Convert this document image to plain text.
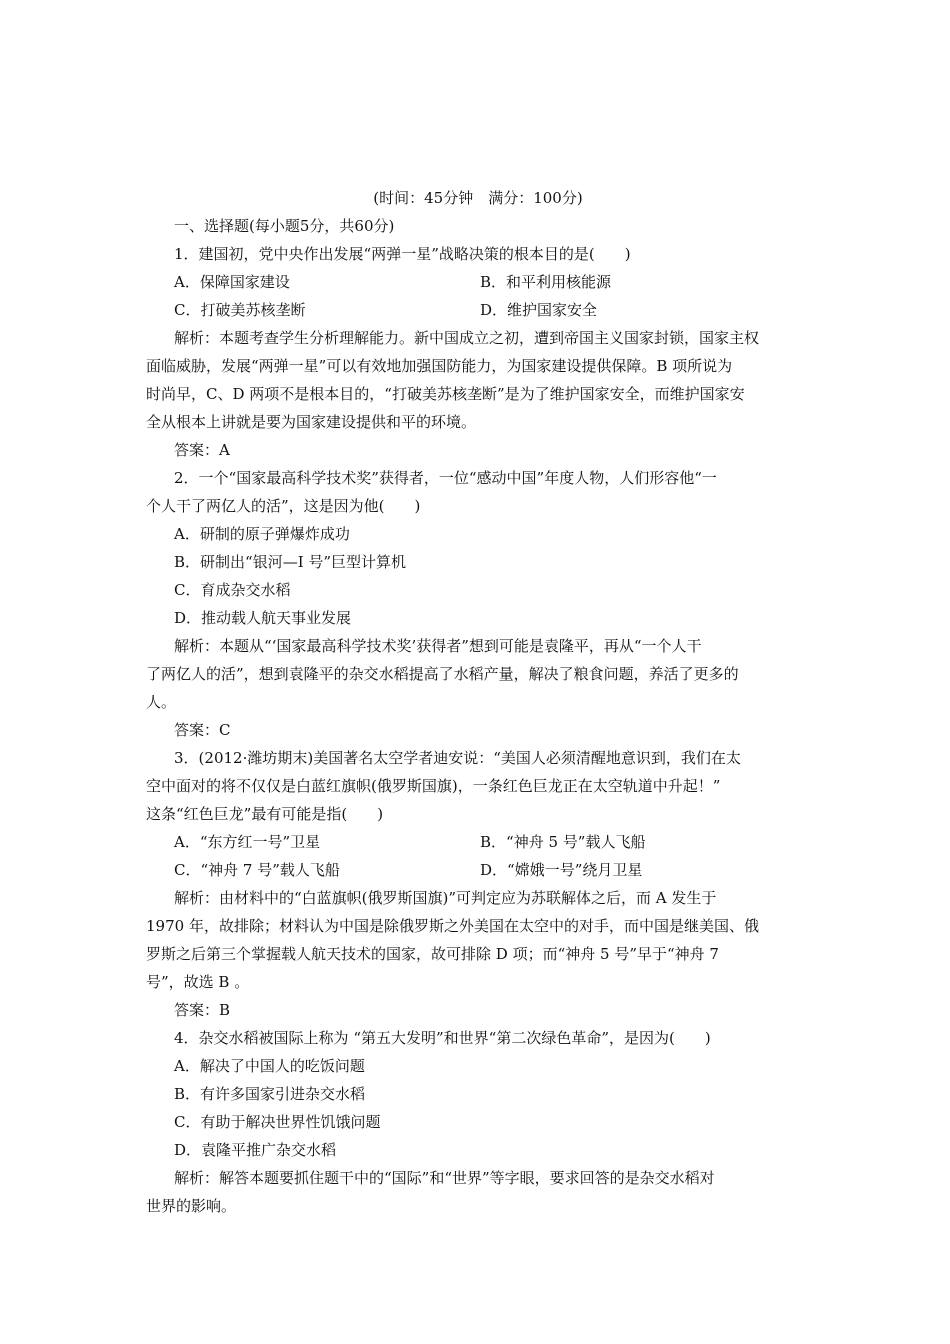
(时间：45分钟　满分：100分)
一、选择题(每小题5分，共60分)
1．建国初，党中央作出发展“两弹一星”战略决策的根本目的是(　　)
A．保障国家建设	B．和平利用核能源
C．打破美苏核垄断	D．维护国家安全
解析：本题考查学生分析理解能力。新中国成立之初，遭到帝国主义国家封锁，国家主权
面临威胁，发展“两弹一星”可以有效地加强国防能力，为国家建设提供保障。B 项所说为
时尚早，C、D 两项不是根本目的，“打破美苏核垄断”是为了维护国家安全，而维护国家安
全从根本上讲就是要为国家建设提供和平的环境。
答案：A
2．一个“国家最高科学技术奖”获得者，一位“感动中国”年度人物，人们形容他“一
个人干了两亿人的活”，这是因为他(　　)
A．研制的原子弹爆炸成功
B．研制出“银河—Ⅰ 号”巨型计算机
C．育成杂交水稻
D．推动载人航天事业发展
解析：本题从“‘国家最高科学技术奖’获得者”想到可能是袁隆平，再从“一个人干
了两亿人的活”，想到袁隆平的杂交水稻提高了水稻产量，解决了粮食问题，养活了更多的
人。
答案：C
3．(2012·潍坊期末)美国著名太空学者迪安说：“美国人必须清醒地意识到，我们在太
空中面对的将不仅仅是白蓝红旗帜(俄罗斯国旗)，一条红色巨龙正在太空轨道中升起！”
这条“红色巨龙”最有可能是指(　　)
A．“东方红一号”卫星	B．“神舟 5 号”载人飞船
C．“神舟 7 号”载人飞船	D．“嫦娥一号”绕月卫星
解析：由材料中的“白蓝旗帜(俄罗斯国旗)”可判定应为苏联解体之后，而 A 发生于
1970 年，故排除；材料认为中国是除俄罗斯之外美国在太空中的对手，而中国是继美国、俄
罗斯之后第三个掌握载人航天技术的国家，故可排除 D 项；而“神舟 5 号”早于“神舟 7
号”，故选 B 。
答案：B
4．杂交水稻被国际上称为 “第五大发明”和世界“第二次绿色革命”，是因为(　　)
A．解决了中国人的吃饭问题
B．有许多国家引进杂交水稻
C．有助于解决世界性饥饿问题
D．袁隆平推广杂交水稻
解析：解答本题要抓住题干中的“国际”和“世界”等字眼，要求回答的是杂交水稻对
世界的影响。
